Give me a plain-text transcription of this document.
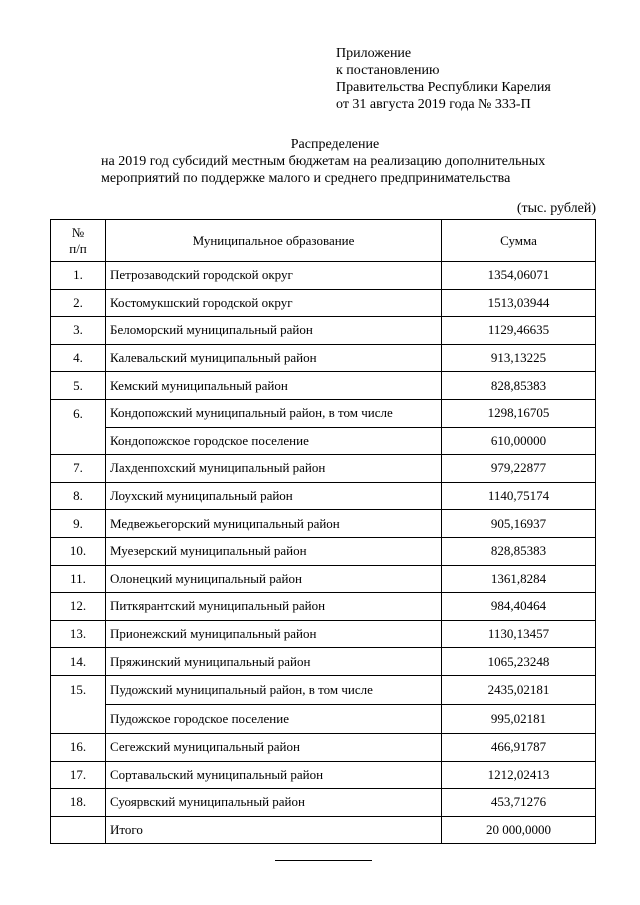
Приложение
к постановлению
Правительства Республики Карелия
от 31 августа 2019 года № 333-П
Распределение
на 2019 год субсидий местным бюджетам на реализацию дополнительных
мероприятий по поддержке малого и среднего предпринимательства
(тыс. рублей)
№
п/п	Муниципальное образование	Сумма
1.	Петрозаводский городской округ	1354,06071
2.	Костомукшский городской округ	1513,03944
3.	Беломорский муниципальный район	1129,46635
4.	Калевальский муниципальный район	913,13225
5.	Кемский муниципальный район	828,85383
6.	Кондопожский муниципальный район, в том числе	1298,16705
	Кондопожское городское поселение	610,00000
7.	Лахденпохский муниципальный район	979,22877
8.	Лоухский муниципальный район	1140,75174
9.	Медвежьегорский муниципальный район	905,16937
10.	Муезерский муниципальный район	828,85383
11.	Олонецкий муниципальный район	1361,8284
12.	Питкярантский муниципальный район	984,40464
13.	Прионежский муниципальный район	1130,13457
14.	Пряжинский муниципальный район	1065,23248
15.	Пудожский муниципальный район, в том числе	2435,02181
	Пудожское городское поселение	995,02181
16.	Сегежский муниципальный район	466,91787
17.	Сортавальский муниципальный район	1212,02413
18.	Суоярвский муниципальный район	453,71276
	Итого	20 000,0000
